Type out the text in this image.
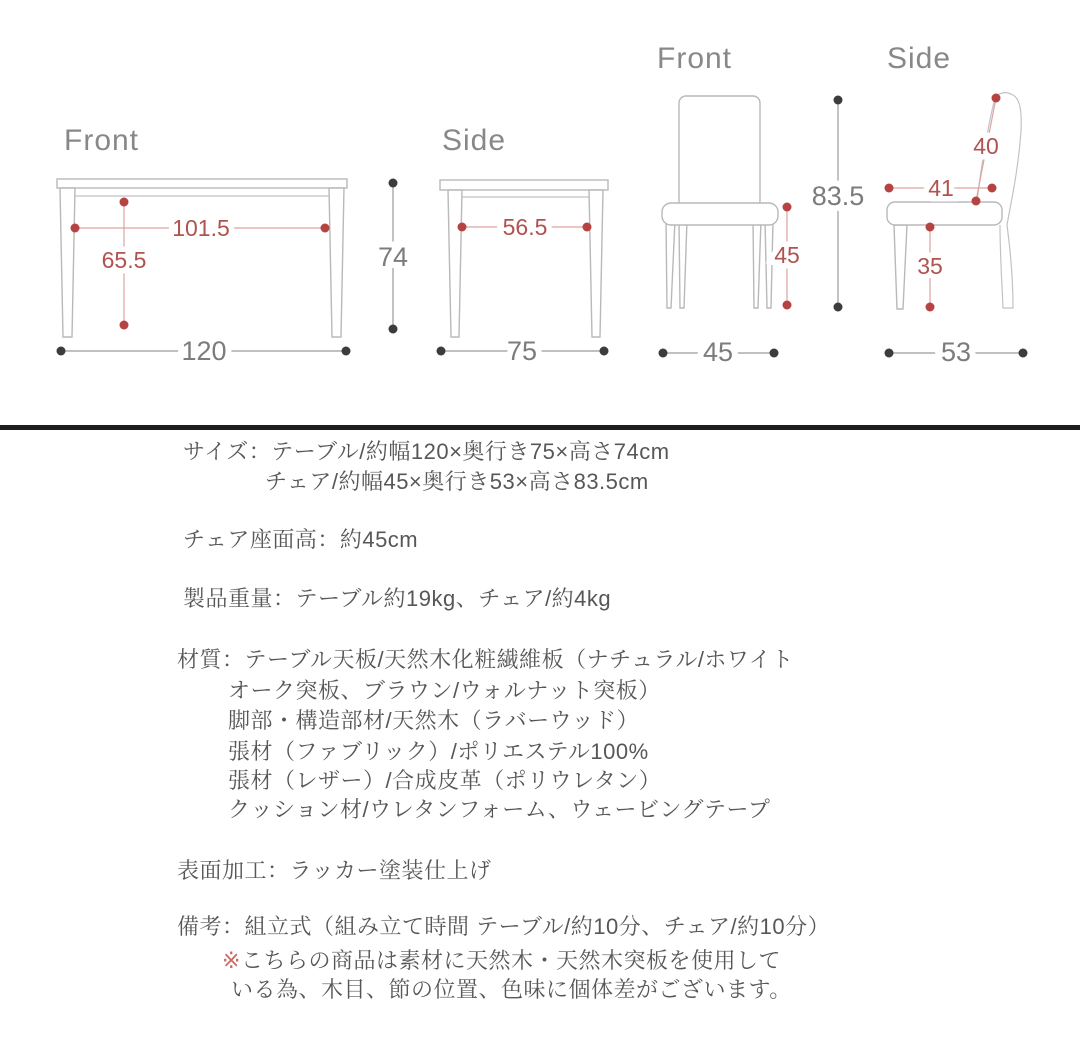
Front
101.5
65.5
120
Side
74
56.5
75
Front
45
83.5
45
Side
40
41
35
53
サイズ：テーブル/約幅120×奥行き75×高さ74cm
チェア/約幅45×奥行き53×高さ83.5cm
チェア座面高：約45cm
製品重量：テーブル約19kg、チェア/約4kg
材質：テーブル天板/天然木化粧繊維板（ナチュラル/ホワイト
オーク突板、ブラウン/ウォルナット突板）
脚部・構造部材/天然木（ラバーウッド）
張材（ファブリック）/ポリエステル100%
張材（レザー）/合成皮革（ポリウレタン）
クッション材/ウレタンフォーム、ウェービングテープ
表面加工：ラッカー塗装仕上げ
備考：組立式（組み立て時間 テーブル/約10分、チェア/約10分）
※こちらの商品は素材に天然木・天然木突板を使用して
いる為、木目、節の位置、色味に個体差がございます。
